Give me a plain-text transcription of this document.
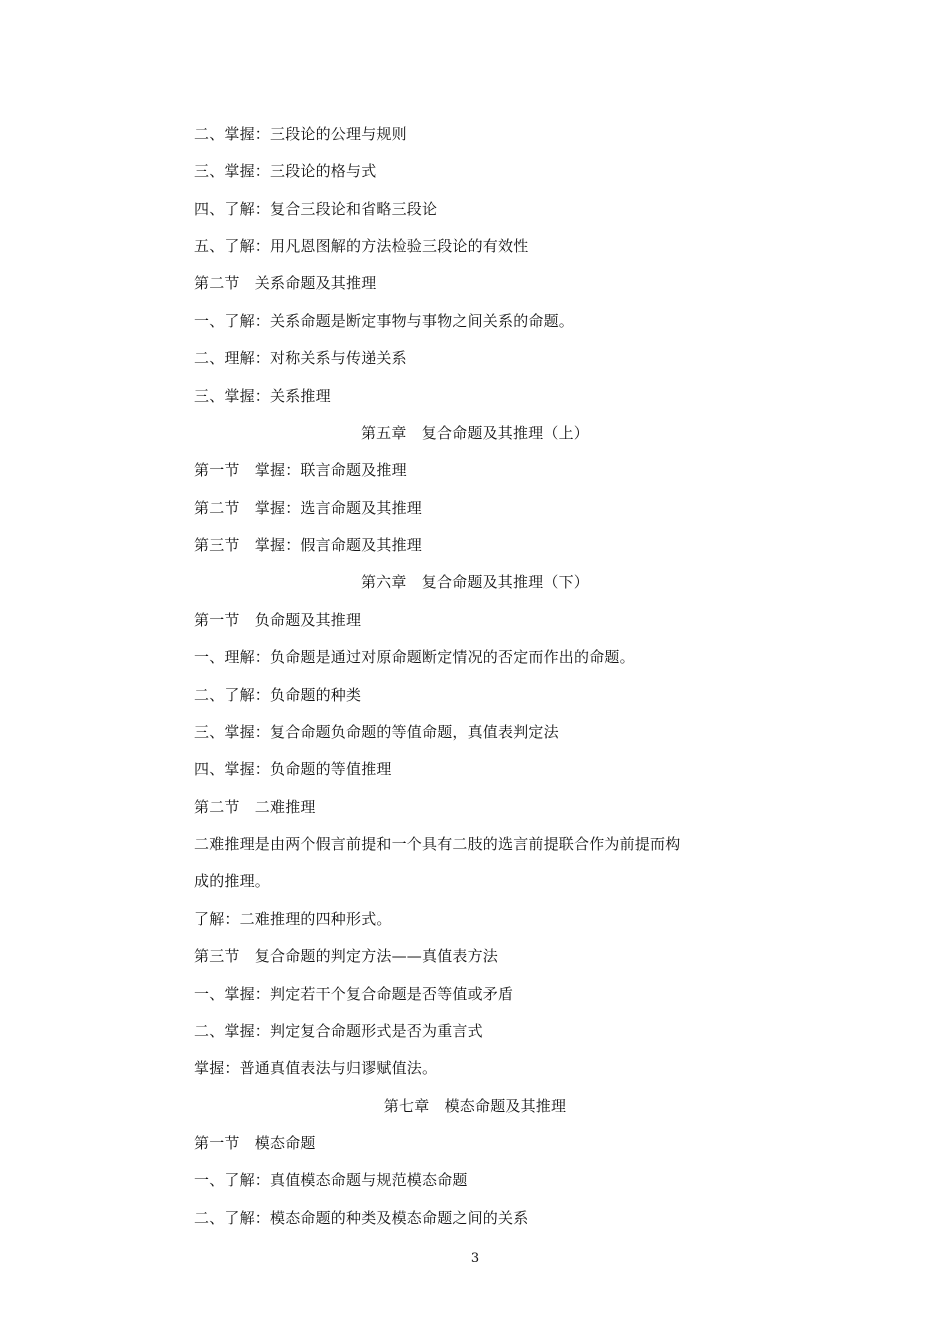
二、掌握：三段论的公理与规则
三、掌握：三段论的格与式
四、了解：复合三段论和省略三段论
五、了解：用凡恩图解的方法检验三段论的有效性
第二节　关系命题及其推理
一、了解：关系命题是断定事物与事物之间关系的命题。
二、理解：对称关系与传递关系
三、掌握：关系推理
第五章　复合命题及其推理（上）
第一节　掌握：联言命题及推理
第二节　掌握：选言命题及其推理
第三节　掌握：假言命题及其推理
第六章　复合命题及其推理（下）
第一节　负命题及其推理
一、理解：负命题是通过对原命题断定情况的否定而作出的命题。
二、了解：负命题的种类
三、掌握：复合命题负命题的等值命题，真值表判定法
四、掌握：负命题的等值推理
第二节　二难推理
二难推理是由两个假言前提和一个具有二肢的选言前提联合作为前提而构
成的推理。
了解：二难推理的四种形式。
第三节　复合命题的判定方法——真值表方法
一、掌握：判定若干个复合命题是否等值或矛盾
二、掌握：判定复合命题形式是否为重言式
掌握：普通真值表法与归谬赋值法。
第七章　模态命题及其推理
第一节　模态命题
一、了解：真值模态命题与规范模态命题
二、了解：模态命题的种类及模态命题之间的关系
3
